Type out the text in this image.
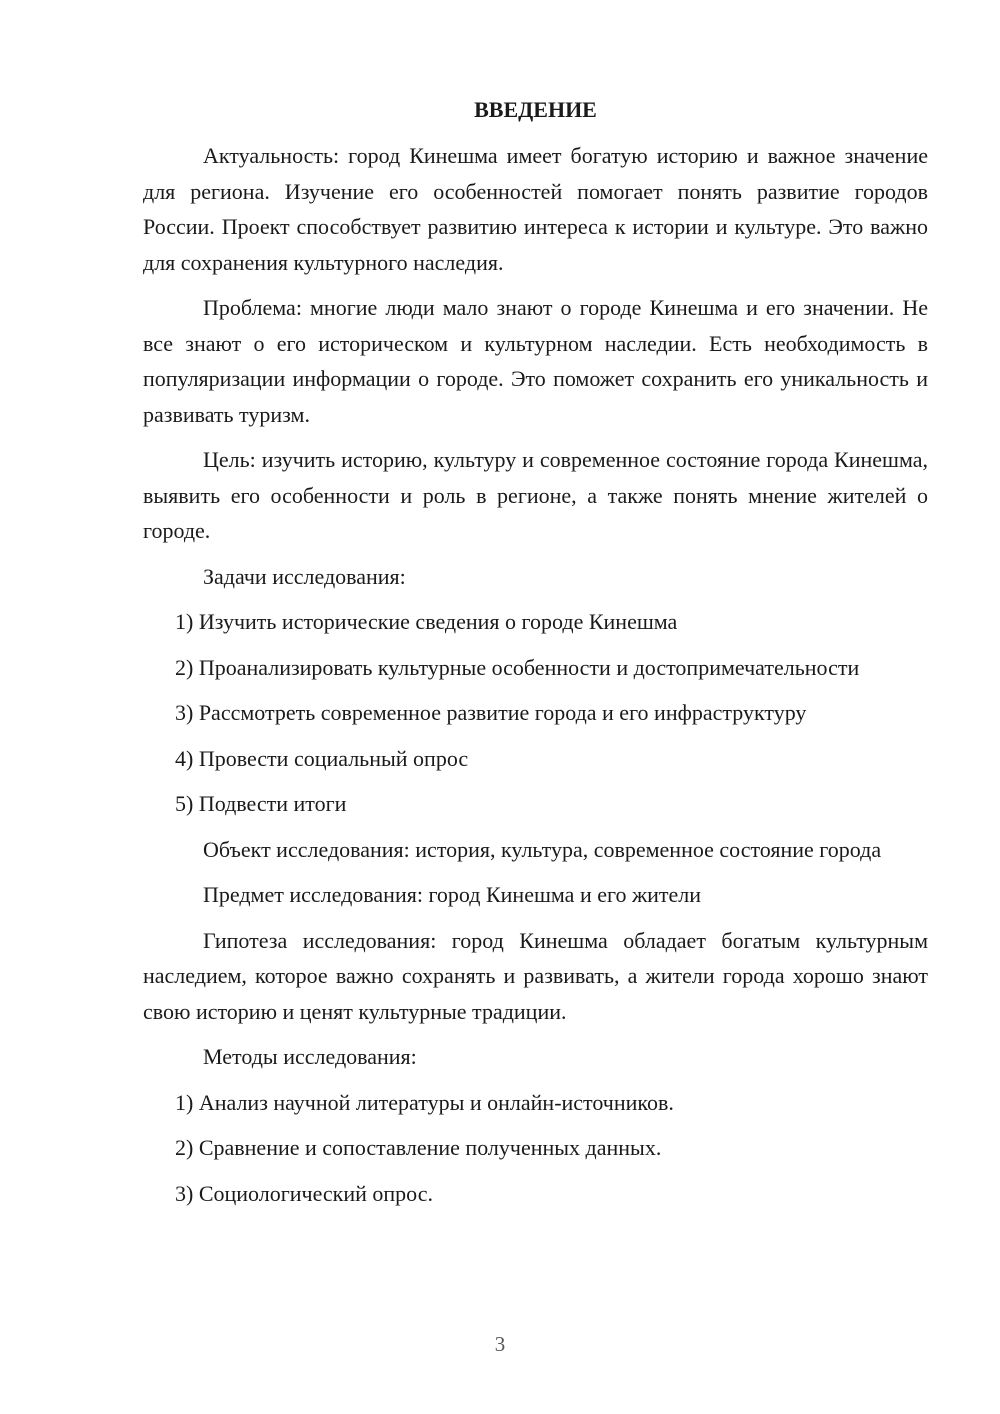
ВВЕДЕНИЕ

Актуальность: город Кинешма имеет богатую историю и важное значение для региона. Изучение его особенностей помогает понять развитие городов России. Проект способствует развитию интереса к истории и культуре. Это важно для сохранения культурного наследия.

Проблема: многие люди мало знают о городе Кинешма и его значении. Не все знают о его историческом и культурном наследии. Есть необходимость в популяризации информации о городе. Это поможет сохранить его уникальность и развивать туризм.

Цель: изучить историю, культуру и современное состояние города Кинешма, выявить его особенности и роль в регионе, а также понять мнение жителей о городе.

Задачи исследования:

1) Изучить исторические сведения о городе Кинешма

2) Проанализировать культурные особенности и достопримечательности

3) Рассмотреть современное развитие города и его инфраструктуру

4) Провести социальный опрос

5) Подвести итоги

Объект исследования: история, культура, современное состояние города

Предмет исследования: город Кинешма и его жители

Гипотеза исследования: город Кинешма обладает богатым культурным наследием, которое важно сохранять и развивать, а жители города хорошо знают свою историю и ценят культурные традиции.

Методы исследования:

1) Анализ научной литературы и онлайн-источников.

2) Сравнение и сопоставление полученных данных.

3) Социологический опрос.

3
